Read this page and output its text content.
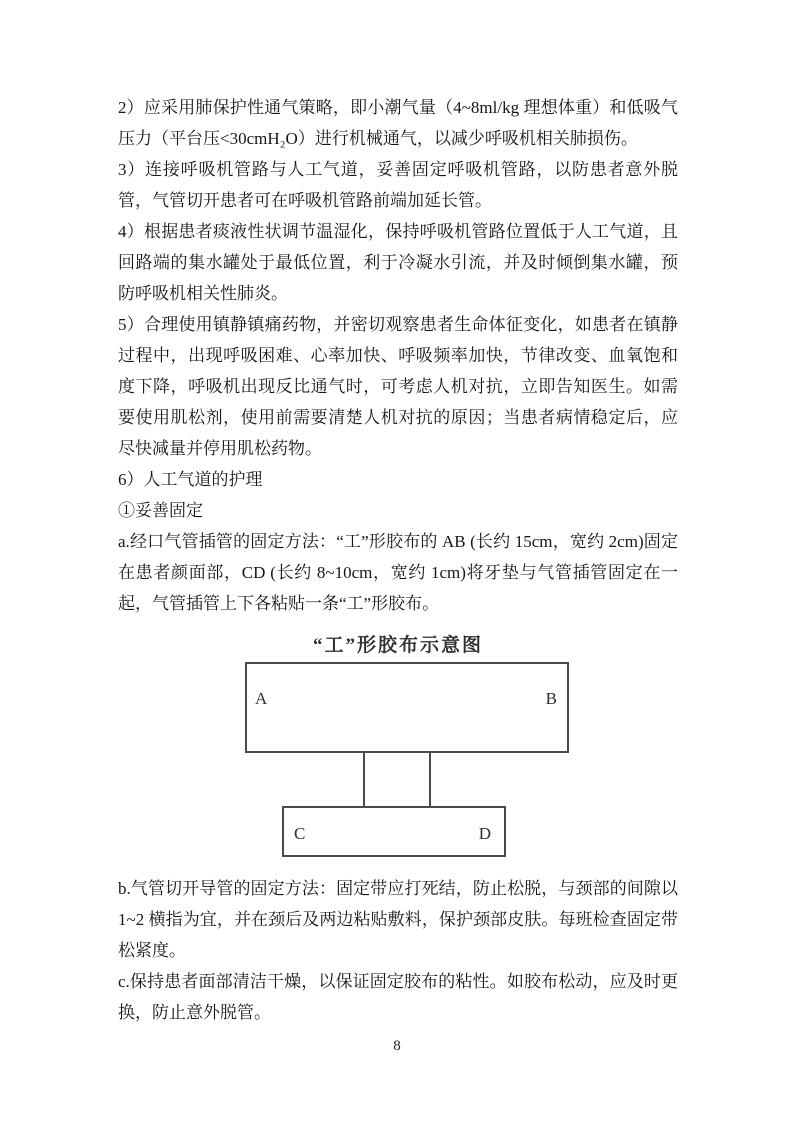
2）应采用肺保护性通气策略，即小潮气量（4~8ml/kg 理想体重）和低吸气压力（平台压<30cmH₂O）进行机械通气，以减少呼吸机相关肺损伤。

3）连接呼吸机管路与人工气道，妥善固定呼吸机管路，以防患者意外脱管，气管切开患者可在呼吸机管路前端加延长管。

4）根据患者痰液性状调节温湿化，保持呼吸机管路位置低于人工气道，且回路端的集水罐处于最低位置，利于冷凝水引流，并及时倾倒集水罐，预防呼吸机相关性肺炎。

5）合理使用镇静镇痛药物，并密切观察患者生命体征变化，如患者在镇静过程中，出现呼吸困难、心率加快、呼吸频率加快，节律改变、血氧饱和度下降，呼吸机出现反比通气时，可考虑人机对抗，立即告知医生。如需要使用肌松剂，使用前需要清楚人机对抗的原因；当患者病情稳定后，应尽快减量并停用肌松药物。

6）人工气道的护理

①妥善固定

a.经口气管插管的固定方法：“工”形胶布的 AB (长约 15cm，宽约 2cm)固定在患者颜面部，CD (长约 8~10cm，宽约 1cm)将牙垫与气管插管固定在一起，气管插管上下各粘贴一条“工”形胶布。

“工”形胶布示意图
A	B
C	D

b.气管切开导管的固定方法：固定带应打死结，防止松脱，与颈部的间隙以 1~2 横指为宜，并在颈后及两边粘贴敷料，保护颈部皮肤。每班检查固定带松紧度。

c.保持患者面部清洁干燥，以保证固定胶布的粘性。如胶布松动，应及时更换，防止意外脱管。

8
